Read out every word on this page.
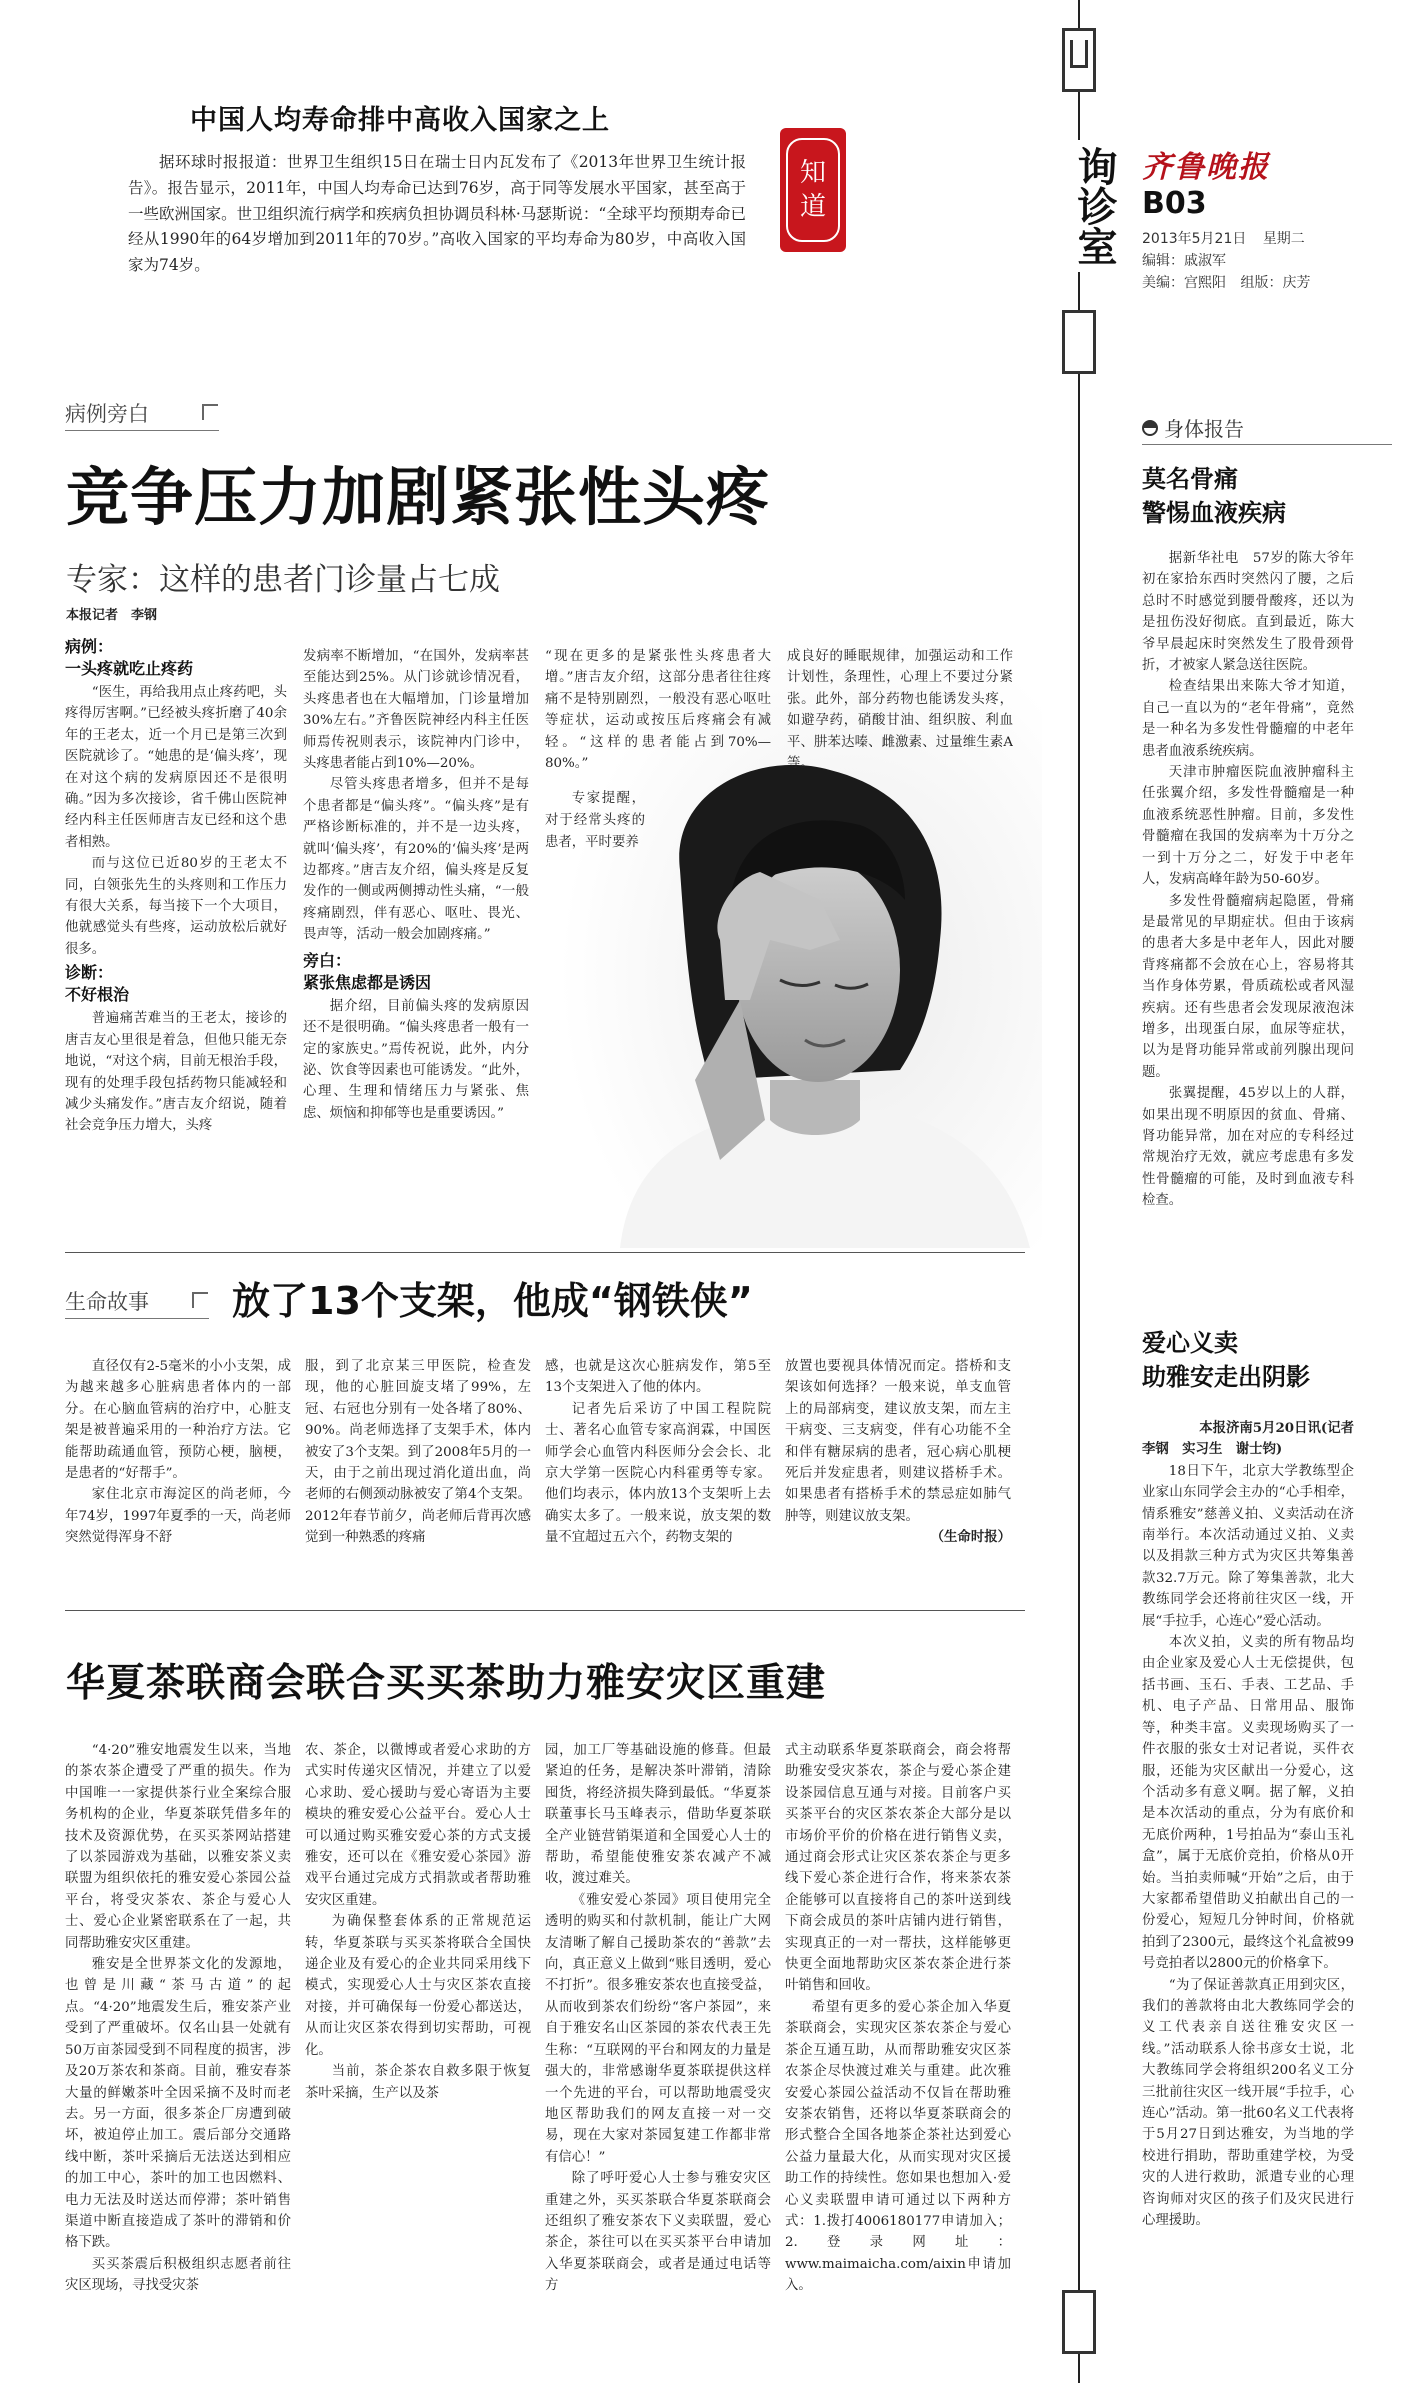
中国人均寿命排中高收入国家之上

据环球时报报道：世界卫生组织15日在瑞士日内瓦发布了《2013年世界卫生统计报告》。报告显示，2011年，中国人均寿命已达到76岁，高于同等发展水平国家，甚至高于一些欧洲国家。世卫组织流行病学和疾病负担协调员科林·马瑟斯说：“全球平均预期寿命已经从1990年的64岁增加到2011年的70岁。”高收入国家的平均寿命为80岁，中高收入国家为74岁。

知
道	询诊室 齐鲁晚报
B03
2013年5月21日 星期二
编辑：戚淑军
美编：宫熙阳 组版：庆芳
病例旁白
竞争压力加剧紧张性头疼
专家：这样的患者门诊量占七成
本报记者　李钢
病例：
一头疼就吃止疼药

“医生，再给我用点止疼药吧，头疼得厉害啊。”已经被头疼折磨了40余年的王老太，近一个月已是第三次到医院就诊了。“她患的是‘偏头疼’，现在对这个病的发病原因还不是很明确。”因为多次接诊，省千佛山医院神经内科主任医师唐吉友已经和这个患者相熟。

而与这位已近80岁的王老太不同，白领张先生的头疼则和工作压力有很大关系，每当接下一个大项目，他就感觉头有些疼，运动放松后就好很多。

诊断：
不好根治

普遍痛苦难当的王老太，接诊的唐吉友心里很是着急，但他只能无奈地说，“对这个病，目前无根治手段，现有的处理手段包括药物只能减轻和减少头痛发作。”唐吉友介绍说，随着社会竞争压力增大，头疼

发病率不断增加，“在国外，发病率甚至能达到25%。从门诊就诊情况看，头疼患者也在大幅增加，门诊量增加30%左右。”齐鲁医院神经内科主任医师焉传祝则表示，该院神内门诊中，头疼患者能占到10%—20%。

尽管头疼患者增多，但并不是每个患者都是“偏头疼”。“偏头疼”是有严格诊断标准的，并不是一边头疼，就叫‘偏头疼’，有20%的‘偏头疼’是两边都疼。”唐吉友介绍，偏头疼是反复发作的一侧或两侧搏动性头痛，“一般疼痛剧烈，伴有恶心、呕吐、畏光、畏声等，活动一般会加剧疼痛。”

旁白：
紧张焦虑都是诱因

据介绍，目前偏头疼的发病原因还不是很明确。“偏头疼患者一般有一定的家族史。”焉传祝说，此外，内分泌、饮食等因素也可能诱发。“此外，心理、生理和情绪压力与紧张、焦虑、烦恼和抑郁等也是重要诱因。”

“现在更多的是紧张性头疼患者大增。”唐吉友介绍，这部分患者往往疼痛不是特别剧烈，一般没有恶心呕吐等症状，运动或按压后疼痛会有减轻。“这样的患者能占到70%—80%。”

专家提醒，对于经常头疼的患者，平时要养

成良好的睡眠规律，加强运动和工作计划性，条理性，心理上不要过分紧张。此外，部分药物也能诱发头疼，如避孕药，硝酸甘油、组织胺、利血平、肼苯达嗪、雌激素、过量维生素A等。

生命故事	放了13个支架，他成“钢铁侠”

直径仅有2-5毫米的小小支架，成为越来越多心脏病患者体内的一部分。在心脑血管病的治疗中，心脏支架是被普遍采用的一种治疗方法。它能帮助疏通血管，预防心梗，脑梗，是患者的“好帮手”。

家住北京市海淀区的尚老师，今年74岁，1997年夏季的一天，尚老师突然觉得浑身不舒

服，到了北京某三甲医院，检查发现，他的心脏回旋支堵了99%，左冠、右冠也分别有一处各堵了80%、90%。尚老师选择了支架手术，体内被安了3个支架。到了2008年5月的一天，由于之前出现过消化道出血，尚老师的右侧颈动脉被安了第4个支架。2012年春节前夕，尚老师后背再次感觉到一种熟悉的疼痛

感，也就是这次心脏病发作，第5至13个支架进入了他的体内。

记者先后采访了中国工程院院士、著名心血管专家高润霖，中国医师学会心血管内科医师分会会长、北京大学第一医院心内科霍勇等专家。他们均表示，体内放13个支架听上去确实太多了。一般来说，放支架的数量不宜超过五六个，药物支架的

放置也要视具体情况而定。搭桥和支架该如何选择？一般来说，单支血管上的局部病变，建议放支架，而左主干病变、三支病变，伴有心功能不全和伴有糖尿病的患者，冠心病心肌梗死后并发症患者，则建议搭桥手术。如果患者有搭桥手术的禁忌症如肺气肿等，则建议放支架。

（生命时报）
华夏茶联商会联合买买茶助力雅安灾区重建

“4·20”雅安地震发生以来，当地的茶农茶企遭受了严重的损失。作为中国唯一一家提供茶行业全案综合服务机构的企业，华夏茶联凭借多年的技术及资源优势，在买买茶网站搭建了以茶园游戏为基础，以雅安茶义卖联盟为组织依托的雅安爱心茶园公益平台，将受灾茶农、茶企与爱心人士、爱心企业紧密联系在了一起，共同帮助雅安灾区重建。

雅安是全世界茶文化的发源地，也曾是川藏“茶马古道”的起点。“4·20”地震发生后，雅安茶产业受到了严重破坏。仅名山县一处就有50万亩茶园受到不同程度的损害，涉及20万茶农和茶商。目前，雅安春茶大量的鲜嫩茶叶全因采摘不及时而老去。另一方面，很多茶企厂房遭到破坏，被迫停止加工。震后部分交通路线中断，茶叶采摘后无法送达到相应的加工中心，茶叶的加工也因燃料、电力无法及时送达而停滞；茶叶销售渠道中断直接造成了茶叶的滞销和价格下跌。

买买茶震后积极组织志愿者前往灾区现场，寻找受灾茶

农、茶企，以微博或者爱心求助的方式实时传递灾区情况，并建立了以爱心求助、爱心援助与爱心寄语为主要模块的雅安爱心公益平台。爱心人士可以通过购买雅安爱心茶的方式支援雅安，还可以在《雅安爱心茶园》游戏平台通过完成方式捐款或者帮助雅安灾区重建。

为确保整套体系的正常规范运转，华夏茶联与买买茶将联合全国快递企业及有爱心的企业共同采用线下模式，实现爱心人士与灾区茶农直接对接，并可确保每一份爱心都送达，从而让灾区茶农得到切实帮助，可视化。

当前，茶企茶农自救多限于恢复茶叶采摘，生产以及茶

园，加工厂等基础设施的修葺。但最紧迫的任务，是解决茶叶滞销，清除囤货，将经济损失降到最低。“华夏茶联董事长马玉峰表示，借助华夏茶联全产业链营销渠道和全国爱心人士的帮助，希望能使雅安茶农减产不减收，渡过难关。

《雅安爱心茶园》项目使用完全透明的购买和付款机制，能让广大网友清晰了解自己援助茶农的“善款”去向，真正意义上做到“账目透明，爱心不打折”。很多雅安茶农也直接受益，从而收到茶农们纷纷“客户茶园”，来自于雅安名山区茶园的茶农代表王先生称：“互联网的平台和网友的力量是强大的，非常感谢华夏茶联提供这样一个先进的平台，可以帮助地震受灾地区帮助我们的网友直接一对一交易，现在大家对茶园复建工作都非常有信心！”

除了呼吁爱心人士参与雅安灾区重建之外，买买茶联合华夏茶联商会还组织了雅安茶农下义卖联盟，爱心茶企，茶往可以在买买茶平台申请加入华夏茶联商会，或者是通过电话等方

式主动联系华夏茶联商会，商会将帮助雅安受灾茶农，茶企与爱心茶企建设茶园信息互通与对接。目前客户买买茶平台的灾区茶农茶企大部分是以市场价平价的价格在进行销售义卖，通过商会形式让灾区茶农茶企与更多线下爱心茶企进行合作，将来茶农茶企能够可以直接将自己的茶叶送到线下商会成员的茶叶店铺内进行销售，实现真正的一对一帮扶，这样能够更快更全面地帮助灾区茶农茶企进行茶叶销售和回收。

希望有更多的爱心茶企加入华夏茶联商会，实现灾区茶农茶企与爱心茶企互通互助，从而帮助雅安灾区茶农茶企尽快渡过难关与重建。此次雅安爱心茶园公益活动不仅旨在帮助雅安茶农销售，还将以华夏茶联商会的形式整合全国各地茶企茶社达到爱心公益力量最大化，从而实现对灾区援助工作的持续性。您如果也想加入·爱心义卖联盟申请可通过以下两种方式：1.拨打4006180177申请加入；2.登录网址：www.maimaicha.com/aixin申请加入。

身体报告
莫名骨痛
警惕血液疾病

据新华社电　57岁的陈大爷年初在家拾东西时突然闪了腰，之后总时不时感觉到腰骨酸疼，还以为是扭伤没好彻底。直到最近，陈大爷早晨起床时突然发生了股骨颈骨折，才被家人紧急送往医院。

检查结果出来陈大爷才知道，自己一直以为的“老年骨痛”，竟然是一种名为多发性骨髓瘤的中老年患者血液系统疾病。

天津市肿瘤医院血液肿瘤科主任张翼介绍，多发性骨髓瘤是一种血液系统恶性肿瘤。目前，多发性骨髓瘤在我国的发病率为十万分之一到十万分之二，好发于中老年人，发病高峰年龄为50-60岁。

多发性骨髓瘤病起隐匿，骨痛是最常见的早期症状。但由于该病的患者大多是中老年人，因此对腰背疼痛都不会放在心上，容易将其当作身体劳累，骨质疏松或者风湿疾病。还有些患者会发现尿液泡沫增多，出现蛋白尿，血尿等症状，以为是肾功能异常或前列腺出现问题。

张翼提醒，45岁以上的人群，如果出现不明原因的贫血、骨痛、肾功能异常，加在对应的专科经过常规治疗无效，就应考虑患有多发性骨髓瘤的可能，及时到血液专科检查。

爱心义卖
助雅安走出阴影
本报济南5月20日讯(记者
李钢　实习生　谢士钧)

18日下午，北京大学教练型企业家山东同学会主办的“心手相牵，情系雅安”慈善义拍、义卖活动在济南举行。本次活动通过义拍、义卖以及捐款三种方式为灾区共筹集善款32.7万元。除了筹集善款，北大教练同学会还将前往灾区一线，开展“手拉手，心连心”爱心活动。

本次义拍，义卖的所有物品均由企业家及爱心人士无偿提供，包括书画、玉石、手表、工艺品、手机、电子产品、日常用品、服饰等，种类丰富。义卖现场购买了一件衣服的张女士对记者说，买件衣服，还能为灾区献出一分爱心，这个活动多有意义啊。据了解，义拍是本次活动的重点，分为有底价和无底价两种，1号拍品为“泰山玉礼盒”，属于无底价竞拍，价格从0开始。当拍卖师喊“开始”之后，由于大家都希望借助义拍献出自己的一份爱心，短短几分钟时间，价格就拍到了2300元，最终这个礼盒被99号竞拍者以2800元的价格拿下。

“为了保证善款真正用到灾区，我们的善款将由北大教练同学会的义工代表亲自送往雅安灾区一线。”活动联系人徐书彦女士说，北大教练同学会将组织200名义工分三批前往灾区一线开展“手拉手，心连心”活动。第一批60名义工代表将于5月27日到达雅安，为当地的学校进行捐助，帮助重建学校，为受灾的人进行救助，派遣专业的心理咨询师对灾区的孩子们及灾民进行心理援助。
